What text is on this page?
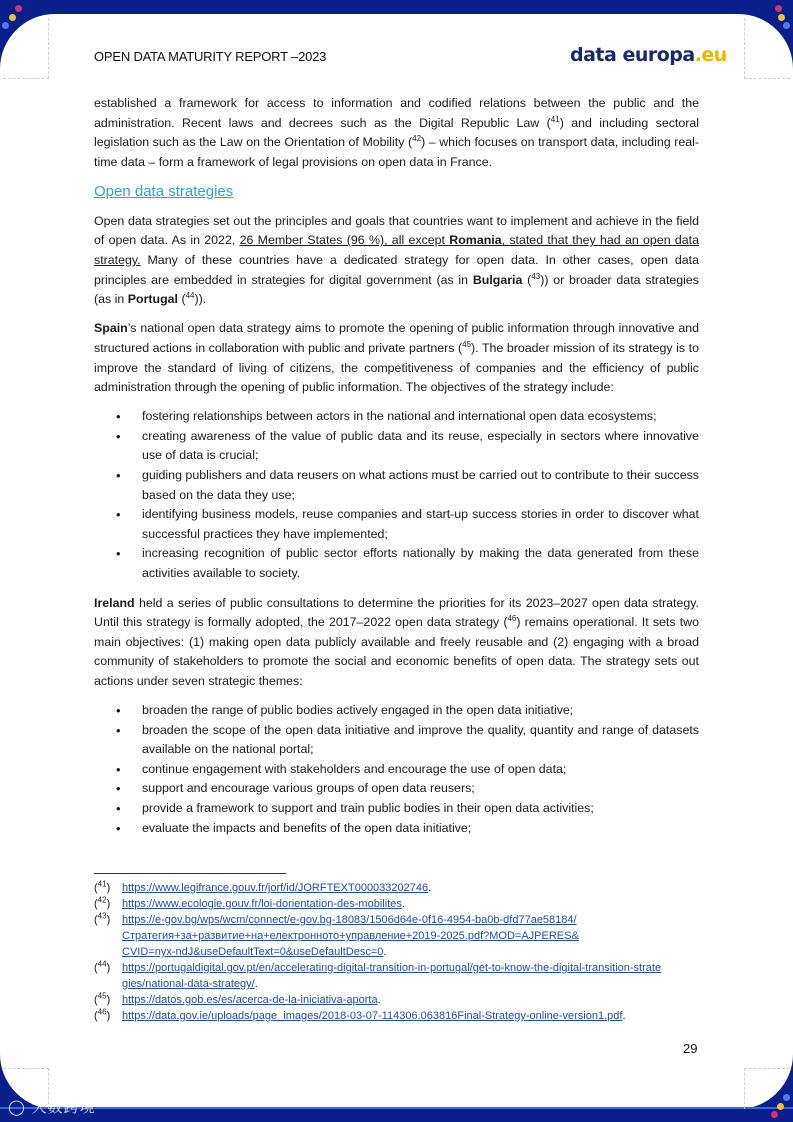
OPEN DATA MATURITY REPORT –2023	data europa.eu

established a framework for access to information and codified relations between the public and the administration. Recent laws and decrees such as the Digital Republic Law ($^{41}$) and including sectoral legislation such as the Law on the Orientation of Mobility ($^{42}$) – which focuses on transport data, including real-time data – form a framework of legal provisions on open data in France.

Open data strategies

Open data strategies set out the principles and goals that countries want to implement and achieve in the field of open data. As in 2022, 26 Member States (96 %), all except Romania, stated that they had an open data strategy. Many of these countries have a dedicated strategy for open data. In other cases, open data principles are embedded in strategies for digital government (as in Bulgaria ($^{43}$)) or broader data strategies (as in Portugal ($^{44}$)).

Spain’s national open data strategy aims to promote the opening of public information through innovative and structured actions in collaboration with public and private partners ($^{45}$). The broader mission of its strategy is to improve the standard of living of citizens, the competitiveness of companies and the efficiency of public administration through the opening of public information. The objectives of the strategy include:

• fostering relationships between actors in the national and international open data ecosystems;
• creating awareness of the value of public data and its reuse, especially in sectors where innovative use of data is crucial;
• guiding publishers and data reusers on what actions must be carried out to contribute to their success based on the data they use;
• identifying business models, reuse companies and start-up success stories in order to discover what successful practices they have implemented;
• increasing recognition of public sector efforts nationally by making the data generated from these activities available to society.

Ireland held a series of public consultations to determine the priorities for its 2023–2027 open data strategy. Until this strategy is formally adopted, the 2017–2022 open data strategy ($^{46}$) remains operational. It sets two main objectives: (1) making open data publicly available and freely reusable and (2) engaging with a broad community of stakeholders to promote the social and economic benefits of open data. The strategy sets out actions under seven strategic themes:

• broaden the range of public bodies actively engaged in the open data initiative;
• broaden the scope of the open data initiative and improve the quality, quantity and range of datasets available on the national portal;
• continue engagement with stakeholders and encourage the use of open data;
• support and encourage various groups of open data reusers;
• provide a framework to support and train public bodies in their open data activities;
• evaluate the impacts and benefits of the open data initiative;
($^{41}$)	https://www.legifrance.gouv.fr/jorf/id/JORFTEXT000033202746.
($^{42}$)	https://www.ecologie.gouv.fr/loi-dorientation-des-mobilites.
($^{43}$)	https://e-gov.bg/wps/wcm/connect/e-gov.bg-18083/1506d64e-0f16-4954-ba0b-dfd77ae58184/Стратегия+за+развитие+на+електронното+управление+2019-2025.pdf?MOD=AJPERES&CVID=nyx-ndJ&useDefaultText=0&useDefaultDesc=0.
($^{44}$)	https://portugaldigital.gov.pt/en/accelerating-digital-transition-in-portugal/get-to-know-the-digital-transition-strategies/national-data-strategy/.
($^{45}$)	https://datos.gob.es/es/acerca-de-la-iniciativa-aporta.
($^{46}$)	https://data.gov.ie/uploads/page_images/2018-03-07-114306.063816Final-Strategy-online-version1.pdf.
29
◯ 大数跨境
